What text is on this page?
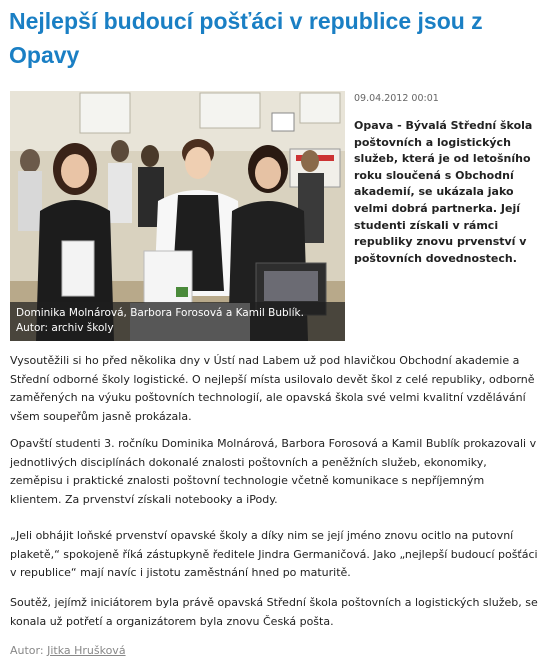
Nejlepší budoucí pošťáci v republice jsou z Opavy
Dominika Molnárová, Barbora Forosová a Kamil Bublík. Autor: archiv školy
09.04.2012 00:01
Opava - Bývalá Střední škola poštovních a logistických služeb, která je od letošního roku sloučená s Obchodní akademií, se ukázala jako velmi dobrá partnerka. Její studenti získali v rámci republiky znovu prvenství v poštovních dovednostech.
Vysoutěžili si ho před několika dny v Ústí nad Labem už pod hlavičkou Obchodní akademie a Střední odborné školy logistické. O nejlepší místa usilovalo devět škol z celé republiky, odborně zaměřených na výuku poštovních technologií, ale opavská škola své velmi kvalitní vzdělávání všem soupeřům jasně prokázala.
Opavští studenti 3. ročníku Dominika Molnárová, Barbora Forosová a Kamil Bublík prokazovali v jednotlivých disciplínách dokonalé znalosti poštovních a peněžních služeb, ekonomiky, zeměpisu i praktické znalosti poštovní technologie včetně komunikace s nepříjemným klientem. Za prvenství získali notebooky a iPody.
„Jeli obhájit loňské prvenství opavské školy a díky nim se její jméno znovu ocitlo na putovní plaketě,“ spokojeně říká zástupkyně ředitele Jindra Germaničová. Jako „nejlepší budoucí pošťáci v republice“ mají navíc i jistotu zaměstnání hned po maturitě.
Soutěž, jejímž iniciátorem byla právě opavská Střední škola poštovních a logistických služeb, se konala už potřetí a organizátorem byla znovu Česká pošta.
Autor: Jitka Hrušková
